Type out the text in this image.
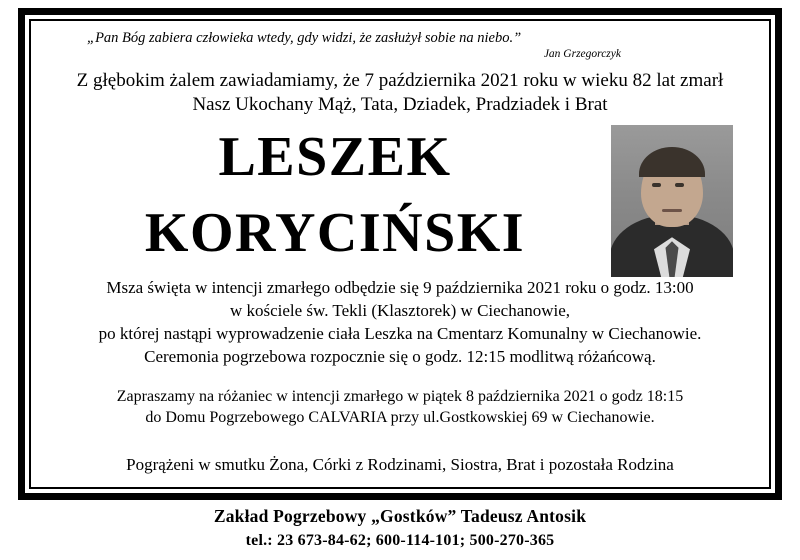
„Pan Bóg zabiera człowieka wtedy, gdy widzi, że zasłużył sobie na niebo.”
Jan Grzegorczyk
Z głębokim żalem zawiadamiamy, że 7 października 2021 roku w wieku 82 lat zmarł
Nasz Ukochany Mąż, Tata, Dziadek, Pradziadek i Brat
LESZEK
KORYCIŃSKI
Msza święta w intencji zmarłego odbędzie się 9 października 2021 roku o godz. 13:00
w kościele św. Tekli (Klasztorek) w Ciechanowie,
po której nastąpi wyprowadzenie ciała Leszka na Cmentarz Komunalny w Ciechanowie.
Ceremonia pogrzebowa rozpocznie się o godz. 12:15 modlitwą różańcową.
Zapraszamy na różaniec w intencji zmarłego w piątek 8 października 2021 o godz 18:15
do Domu Pogrzebowego CALVARIA przy ul.Gostkowskiej 69 w Ciechanowie.
Pogrążeni w smutku Żona, Córki z Rodzinami, Siostra, Brat i pozostała Rodzina
Zakład Pogrzebowy „Gostków” Tadeusz Antosik
tel.: 23 673-84-62; 600-114-101; 500-270-365
